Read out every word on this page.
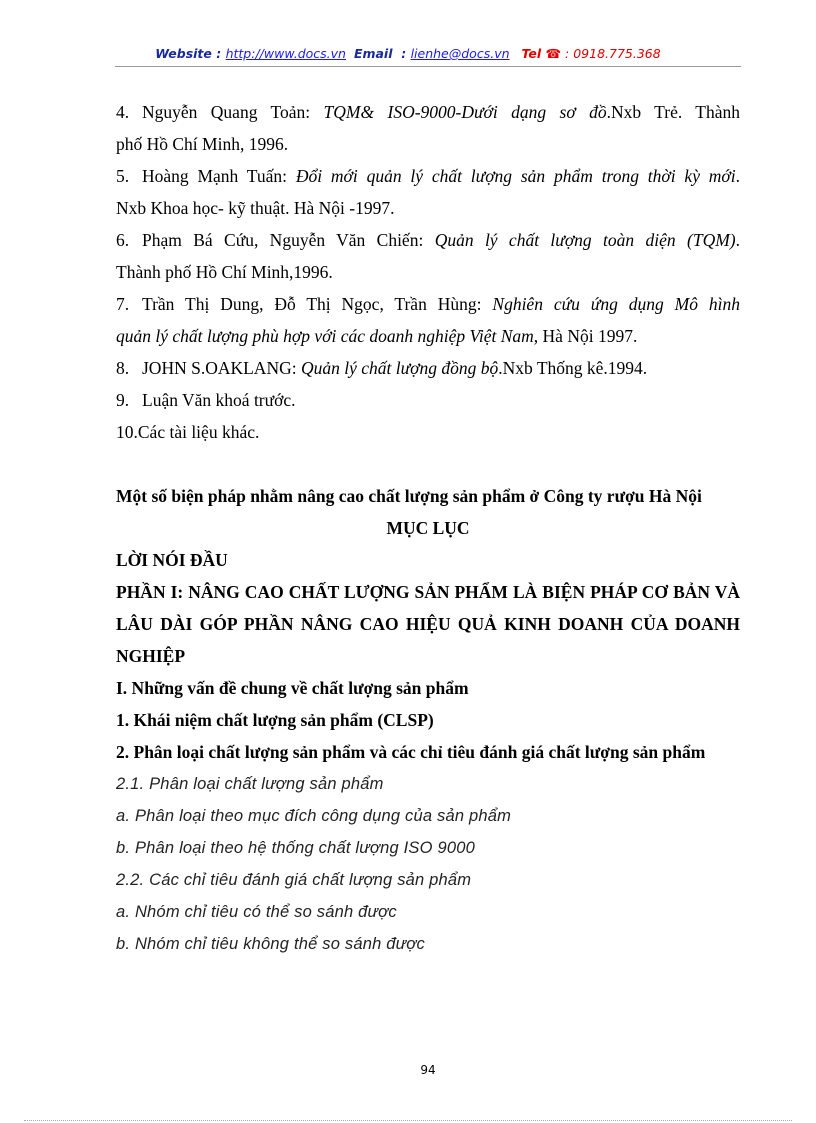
Website : http://www.docs.vn Email  : lienhe@docs.vn Tel ☎ : 0918.775.368

4. Nguyễn Quang Toản: TQM& ISO-9000-Dưới dạng sơ đồ.Nxb Trẻ. Thành

phố Hồ Chí Minh, 1996.

5. Hoàng Mạnh Tuấn: Đổi mới quản lý chất lượng sản phẩm trong thời kỳ mới.

Nxb Khoa học- kỹ thuật. Hà Nội -1997.

6. Phạm Bá Cứu, Nguyễn Văn Chiến: Quản lý chất lượng toàn diện (TQM).

Thành phố Hồ Chí Minh,1996.

7. Trần Thị Dung, Đỗ Thị Ngọc, Trần Hùng: Nghiên cứu ứng dụng Mô hình

quản lý chất lượng phù hợp với các doanh nghiệp Việt Nam, Hà Nội 1997.

8. JOHN S.OAKLANG: Quản lý chất lượng đồng bộ.Nxb Thống kê.1994.

9. Luận Văn khoá trước.

10.Các tài liệu khác.

Một số biện pháp nhằm nâng cao chất lượng sản phẩm ở Công ty rượu Hà Nội

MỤC LỤC

LỜI NÓI ĐẦU

PHẦN I: NÂNG CAO CHẤT LƯỢNG SẢN PHẨM LÀ BIỆN PHÁP CƠ BẢN VÀ LÂU DÀI GÓP PHẦN NÂNG CAO HIỆU QUẢ KINH DOANH CỦA DOANH NGHIỆP

I. Những vấn đề chung về chất lượng sản phẩm

1. Khái niệm chất lượng sản phẩm (CLSP)

2. Phân loại chất lượng sản phẩm và các chỉ tiêu đánh giá chất lượng sản phẩm

2.1. Phân loại chất lượng sản phẩm

a. Phân loại theo mục đích công dụng của sản phẩm

b. Phân loại theo hệ thống chất lượng ISO 9000

2.2. Các chỉ tiêu đánh giá chất lượng sản phẩm

a. Nhóm chỉ tiêu có thể so sánh được

b. Nhóm chỉ tiêu không thể so sánh được

94
